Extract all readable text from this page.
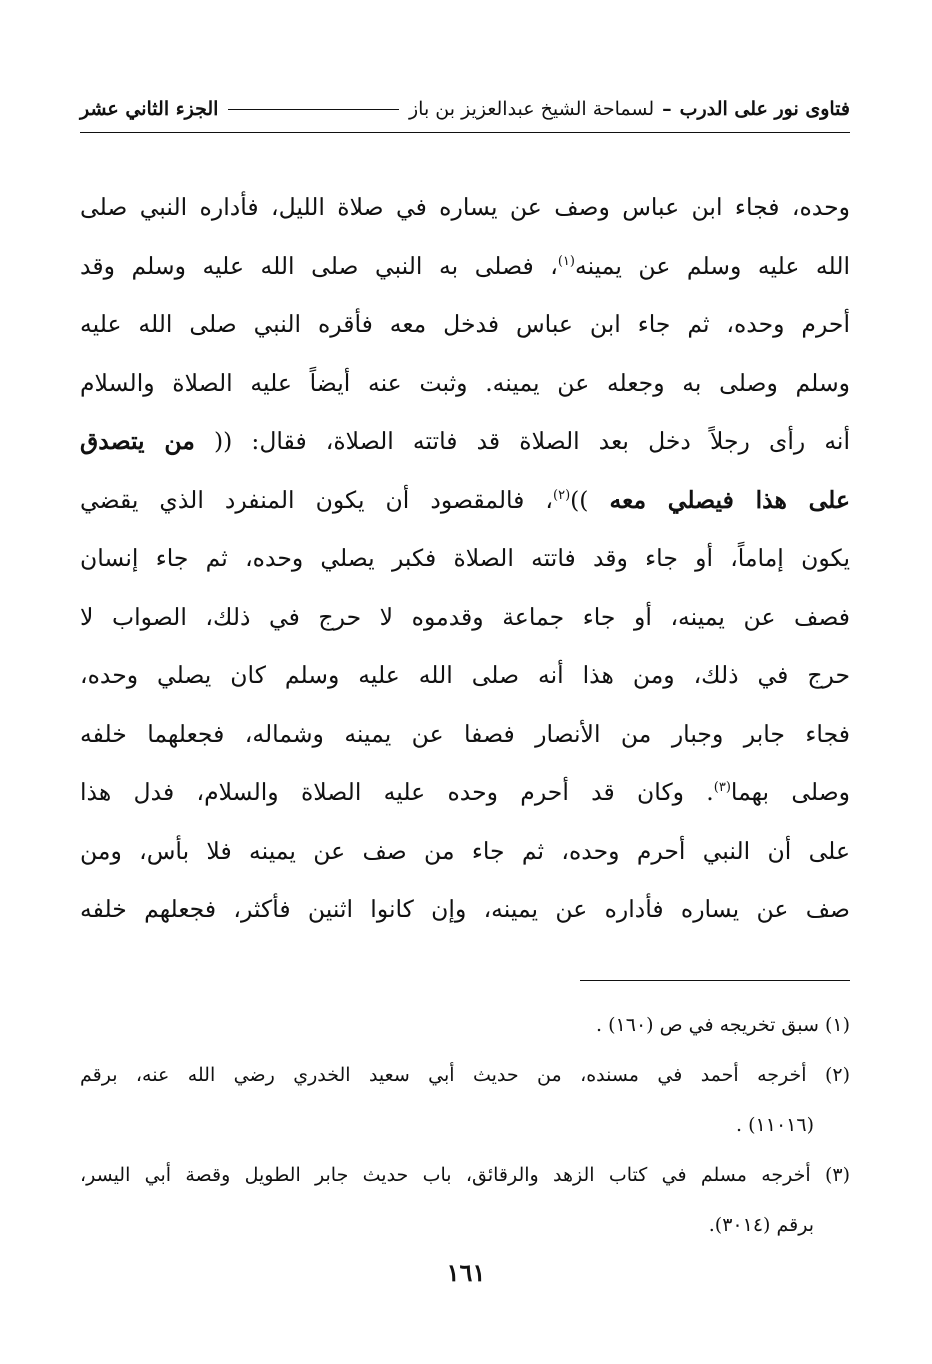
فتاوى نور على الدرب
–
لسماحة الشيخ عبدالعزيز بن باز
الجزء الثاني عشر
وحده، فجاء ابن عباس وصف عن يساره في صلاة الليل، فأداره النبي صلى
الله عليه وسلم عن يمينه$^{(١)}$، فصلى به النبي صلى الله عليه وسلم وقد
أحرم وحده، ثم جاء ابن عباس فدخل معه فأقره النبي صلى الله عليه
وسلم وصلى به وجعله عن يمينه. وثبت عنه أيضاً عليه الصلاة والسلام
أنه رأى رجلاً دخل بعد الصلاة قد فاتته الصلاة، فقال: (( من يتصدق
على هذا فيصلي معه ))$^{(٢)}$، فالمقصود أن يكون المنفرد الذي يقضي
يكون إماماً، أو جاء وقد فاتته الصلاة فكبر يصلي وحده، ثم جاء إنسان
فصف عن يمينه، أو جاء جماعة وقدموه لا حرج في ذلك، الصواب لا
حرج في ذلك، ومن هذا أنه صلى الله عليه وسلم كان يصلي وحده،
فجاء جابر وجبار من الأنصار فصفا عن يمينه وشماله، فجعلهما خلفه
وصلى بهما$^{(٣)}$. وكان قد أحرم وحده عليه الصلاة والسلام، فدل هذا
على أن النبي أحرم وحده، ثم جاء من صف عن يمينه فلا بأس، ومن
صف عن يساره فأداره عن يمينه، وإن كانوا اثنين فأكثر، فجعلهم خلفه
(١) سبق تخريجه في ص (١٦٠) .
(٢) أخرجه أحمد في مسنده، من حديث أبي سعيد الخدري رضي الله عنه، برقم
(١١٠١٦) .
(٣) أخرجه مسلم في كتاب الزهد والرقائق، باب حديث جابر الطويل وقصة أبي اليسر،
برقم (٣٠١٤).
١٦١
